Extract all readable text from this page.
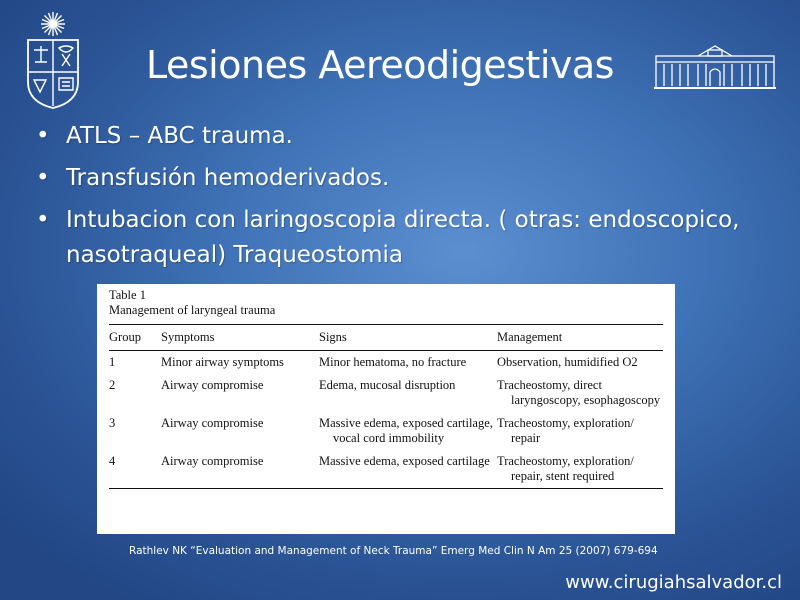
Lesiones Aereodigestivas
• ATLS – ABC trauma.
• Transfusión hemoderivados.
• Intubacion con laringoscopia directa. ( otras: endoscopico, nasotraqueal) Traqueostomia
Table 1
Management of laryngeal trauma
Group	Symptoms	Signs	Management
1	Minor airway symptoms	Minor hematoma, no fracture	Observation, humidified O2

2	Airway compromise	Edema, mucosal disruption	Tracheostomy, direct laryngoscopy, esophagoscopy

3	Airway compromise	Massive edema, exposed cartilage, vocal cord immobility	Tracheostomy, exploration/ repair

4	Airway compromise	Massive edema, exposed cartilage	Tracheostomy, exploration/ repair, stent required
Rathlev NK “Evaluation and Management of Neck Trauma” Emerg Med Clin N Am 25 (2007) 679-694
www.cirugiahsalvador.cl
